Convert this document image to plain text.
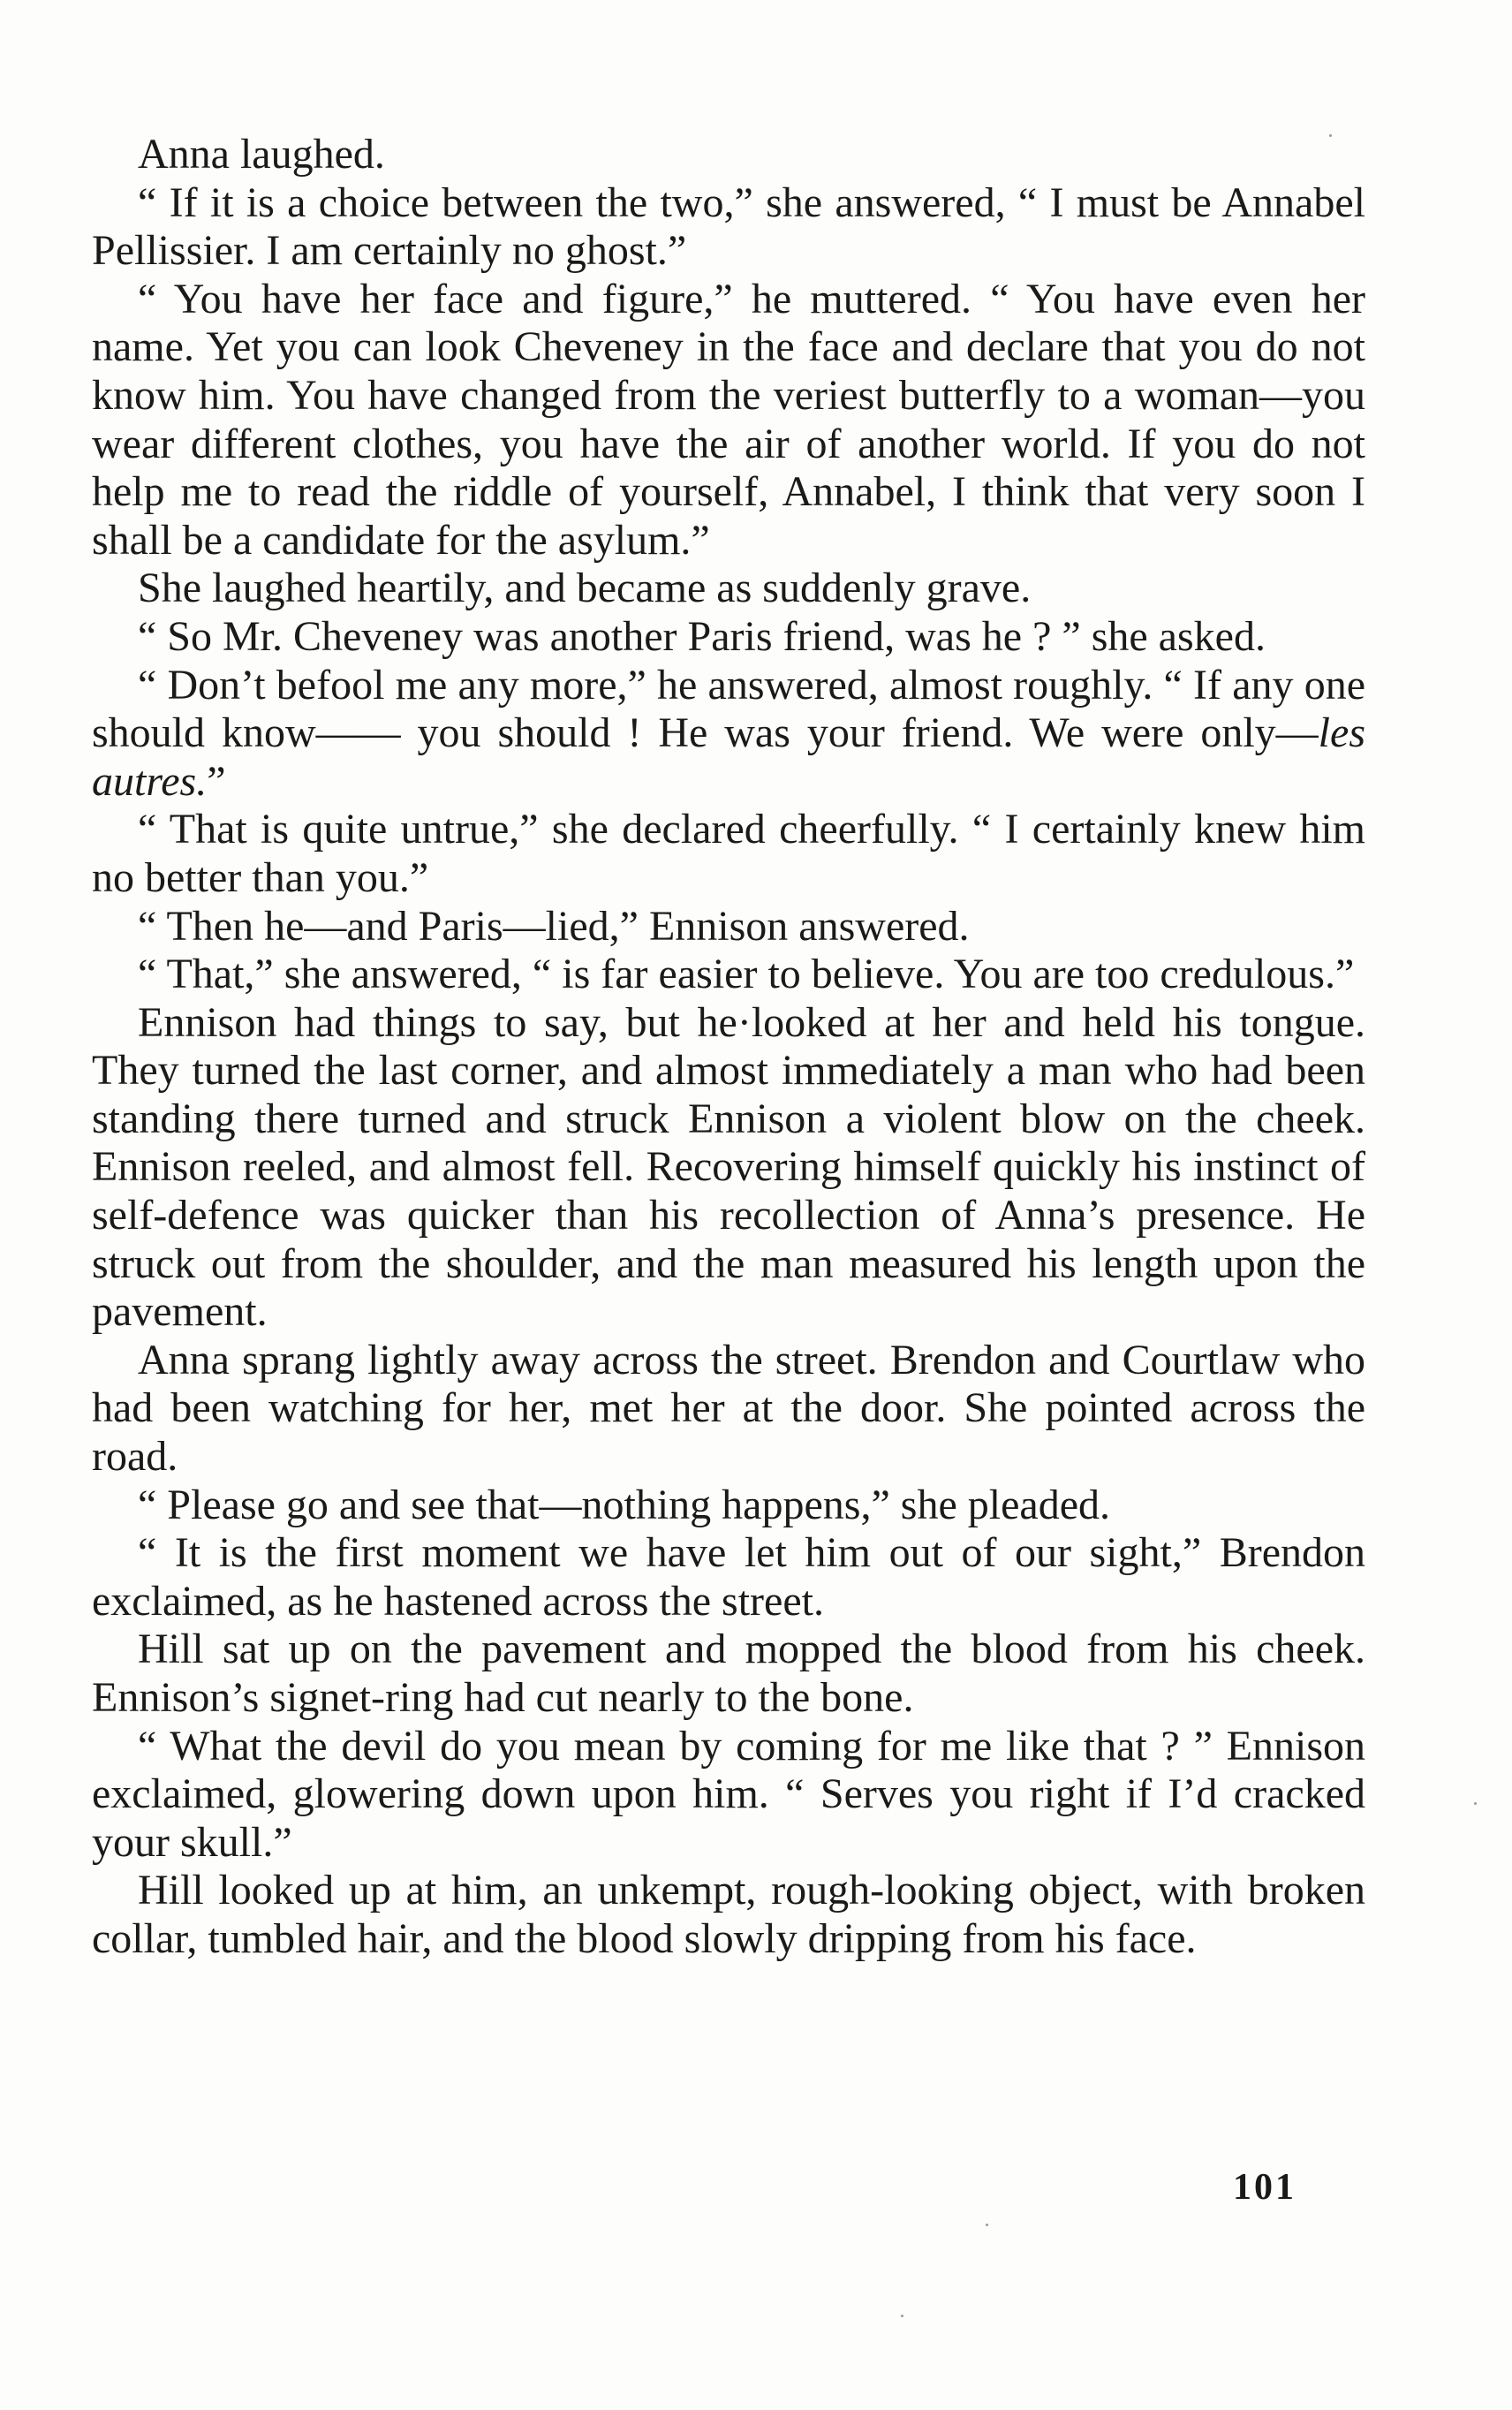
Anna laughed.

“ If it is a choice between the two,” she answered, “ I must be Annabel Pellissier. I am certainly no ghost.”

“ You have her face and figure,” he muttered. “ You have even her name. Yet you can look Cheveney in the face and declare that you do not know him. You have changed from the veriest butterfly to a woman—you wear different clothes, you have the air of another world. If you do not help me to read the riddle of yourself, Annabel, I think that very soon I shall be a candidate for the asylum.”

She laughed heartily, and became as suddenly grave.

“ So Mr. Cheveney was another Paris friend, was he ? ” she asked.

“ Don’t befool me any more,” he answered, almost roughly. “ If any one should know—— you should ! He was your friend. We were only—les autres.”

“ That is quite untrue,” she declared cheerfully. “ I certainly knew him no better than you.”

“ Then he—and Paris—lied,” Ennison answered.

“ That,” she answered, “ is far easier to believe. You are too credulous.”

Ennison had things to say, but he·looked at her and held his tongue. They turned the last corner, and almost immediately a man who had been standing there turned and struck Ennison a violent blow on the cheek. Ennison reeled, and almost fell. Recovering himself quickly his instinct of self-defence was quicker than his recollection of Anna’s presence. He struck out from the shoulder, and the man measured his length upon the pavement.

Anna sprang lightly away across the street. Brendon and Courtlaw who had been watching for her, met her at the door. She pointed across the road.

“ Please go and see that—nothing happens,” she pleaded.

“ It is the first moment we have let him out of our sight,” Brendon exclaimed, as he hastened across the street.

Hill sat up on the pavement and mopped the blood from his cheek. Ennison’s signet-ring had cut nearly to the bone.

“ What the devil do you mean by coming for me like that ? ” Ennison exclaimed, glowering down upon him. “ Serves you right if I’d cracked your skull.”

Hill looked up at him, an unkempt, rough-looking object, with broken collar, tumbled hair, and the blood slowly dripping from his face.

101
